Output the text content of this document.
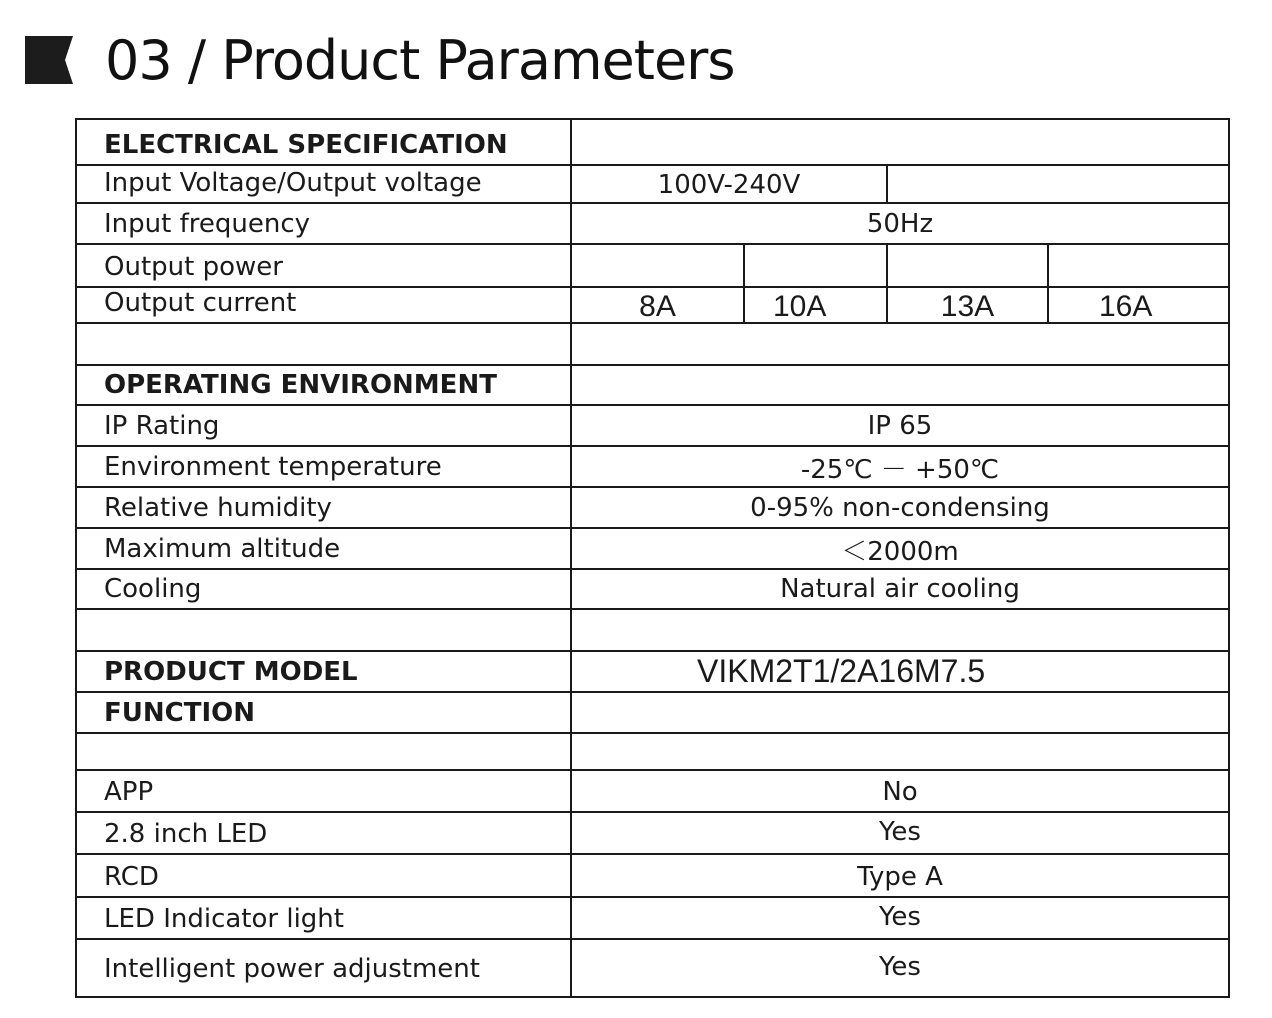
03 / Product Parameters
ELECTRICAL SPECIFICATION				
Input Voltage/Output voltage	100V-240V			
Input frequency	50Hz			
Output power				
Output current	8A	10A	13A	16A

OPERATING ENVIRONMENT				
IP Rating	IP 65			
Environment temperature	-25℃ － +50℃			
Relative humidity	0-95% non-condensing			
Maximum altitude	＜2000m			
Cooling	Natural air cooling			

PRODUCT MODEL	VIKM2T1/2A16M7.5			
FUNCTION				

APP	No			
2.8 inch LED	Yes			
RCD	Type A			
LED Indicator light	Yes			
Intelligent power adjustment	Yes			
